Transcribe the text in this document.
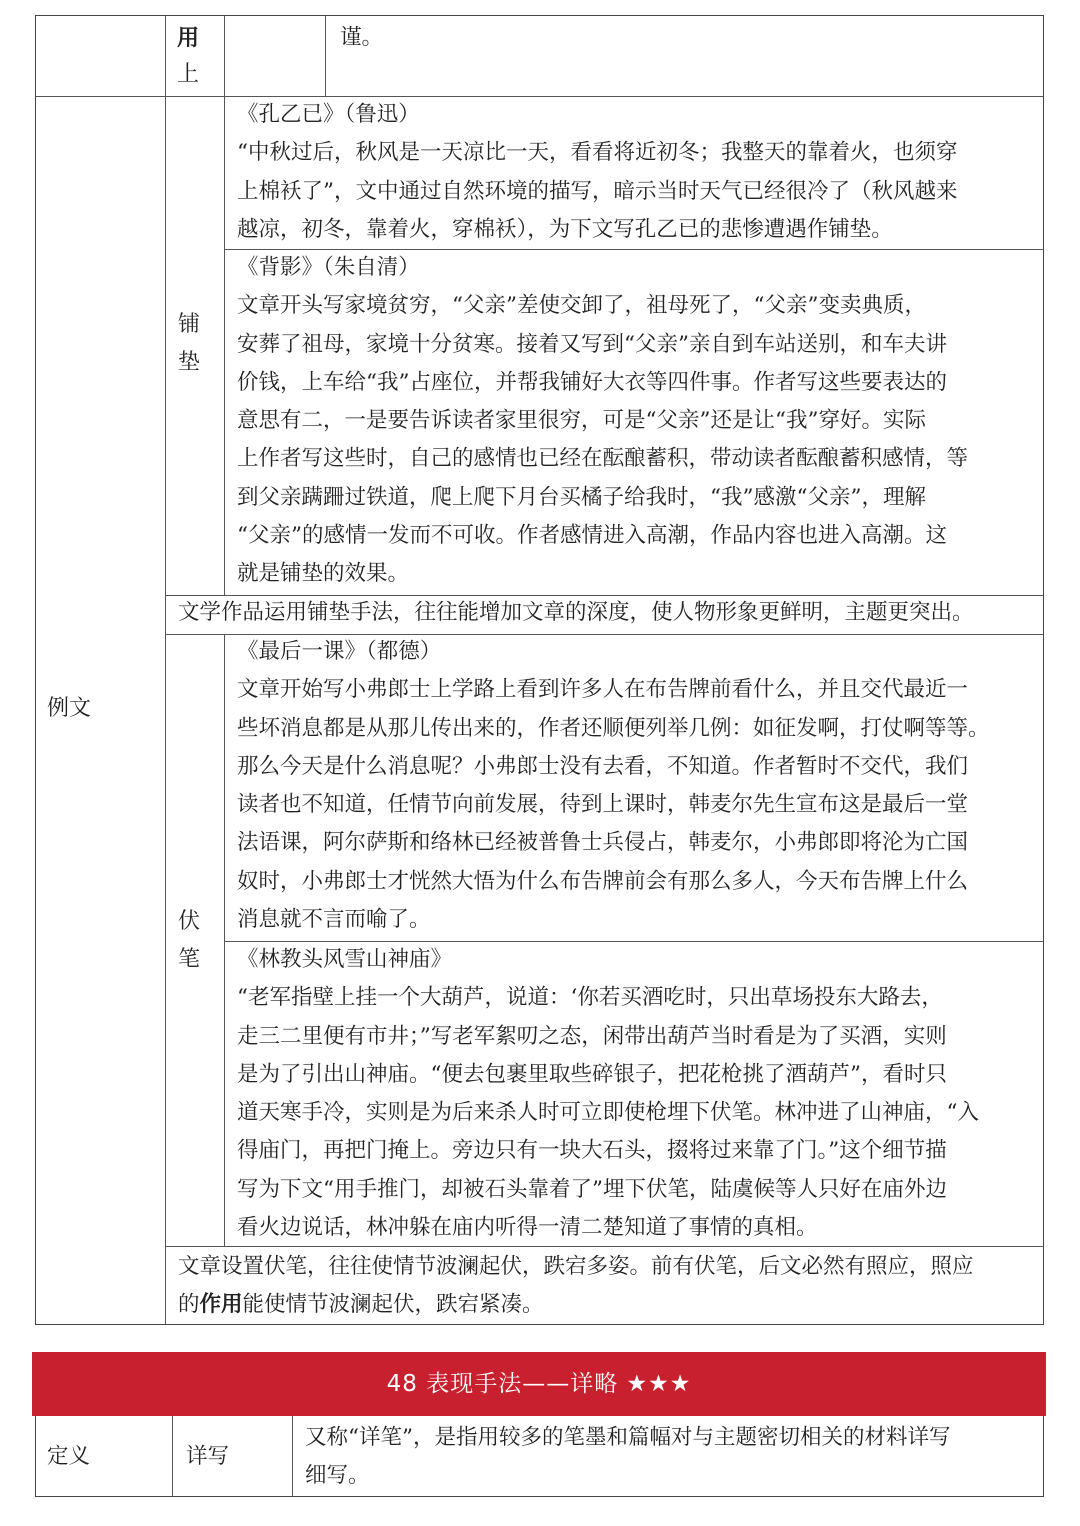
用
上
谨。
例文
铺
垫
《孔乙已》（鲁迅）
“中秋过后，秋风是一天凉比一天，看看将近初冬；我整天的靠着火，也须穿
上棉袄了”，文中通过自然环境的描写，暗示当时天气已经很冷了（秋风越来
越凉，初冬，靠着火，穿棉袄），为下文写孔乙已的悲惨遭遇作铺垫。
《背影》（朱自清）
文章开头写家境贫穷，“父亲”差使交卸了，祖母死了，“父亲”变卖典质，
安葬了祖母，家境十分贫寒。接着又写到“父亲”亲自到车站送别，和车夫讲
价钱，上车给“我”占座位，并帮我铺好大衣等四件事。作者写这些要表达的
意思有二，一是要告诉读者家里很穷，可是“父亲”还是让“我”穿好。实际
上作者写这些时，自己的感情也已经在酝酿蓄积，带动读者酝酿蓄积感情，等
到父亲蹒跚过铁道，爬上爬下月台买橘子给我时，“我”感激“父亲”，理解
“父亲”的感情一发而不可收。作者感情进入高潮，作品内容也进入高潮。这
就是铺垫的效果。
文学作品运用铺垫手法，往往能增加文章的深度，使人物形象更鲜明，主题更突出。
伏
笔
《最后一课》（都德）
文章开始写小弗郎士上学路上看到许多人在布告牌前看什么，并且交代最近一
些坏消息都是从那儿传出来的，作者还顺便列举几例：如征发啊，打仗啊等等。
那么今天是什么消息呢？小弗郎士没有去看，不知道。作者暂时不交代，我们
读者也不知道，任情节向前发展，待到上课时，韩麦尔先生宣布这是最后一堂
法语课，阿尔萨斯和络林已经被普鲁士兵侵占，韩麦尔，小弗郎即将沦为亡国
奴时，小弗郎士才恍然大悟为什么布告牌前会有那么多人，今天布告牌上什么
消息就不言而喻了。
《林教头风雪山神庙》
“老军指壁上挂一个大葫芦，说道：‘你若买酒吃时，只出草场投东大路去，
走三二里便有市井；”写老军絮叨之态，闲带出葫芦当时看是为了买酒，实则
是为了引出山神庙。“便去包裹里取些碎银子，把花枪挑了酒葫芦”，看时只
道天寒手冷，实则是为后来杀人时可立即使枪埋下伏笔。林冲进了山神庙，“入
得庙门，再把门掩上。旁边只有一块大石头，掇将过来靠了门。”这个细节描
写为下文“用手推门，却被石头靠着了”埋下伏笔，陆虞候等人只好在庙外边
看火边说话，林冲躲在庙内听得一清二楚知道了事情的真相。
文章设置伏笔，往往使情节波澜起伏，跌宕多姿。前有伏笔，后文必然有照应，照应
的作用能使情节波澜起伏，跌宕紧凑。
48 表现手法——详略 ★★★
定义	详写
又称“详笔”，是指用较多的笔墨和篇幅对与主题密切相关的材料详写
细写。
